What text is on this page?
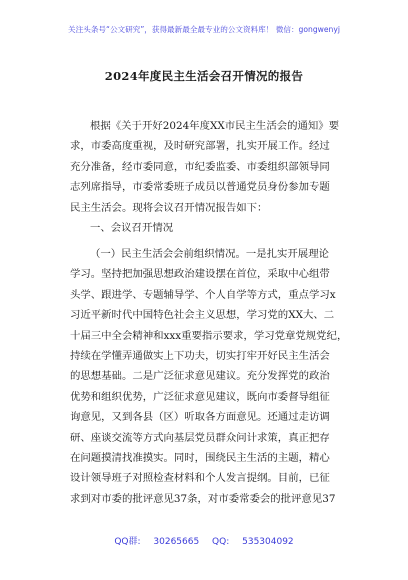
关注头条号“公文研究”，获得最新最全最专业的公文资料库！ 微信：gongwenyj
2024年度民主生活会召开情况的报告
根据《关于开好2024年度XX市民主生活会的通知》要
求，市委高度重视，及时研究部署，扎实开展工作。经过
充分准备，经市委同意，市纪委监委、市委组织部领导同
志列席指导，市委常委班子成员以普通党员身份参加专题
民主生活会。现将会议召开情况报告如下：
一、会议召开情况
（一）民主生活会会前组织情况。一是扎实开展理论
学习。坚持把加强思想政治建设摆在首位，采取中心组带
头学、跟进学、专题辅导学、个人自学等方式，重点学习x
习近平新时代中国特色社会主义思想，学习党的XX大、二
十届三中全会精神和xxx重要指示要求，学习党章党规党纪，
持续在学懂弄通做实上下功夫，切实打牢开好民主生活会
的思想基础。二是广泛征求意见建议。充分发挥党的政治
优势和组织优势，广泛征求意见建议，既向市委督导组征
询意见，又到各县（区）听取各方面意见。还通过走访调
研、座谈交流等方式向基层党员群众问计求策，真正把存
在问题摸清找准摸实。同时，围绕民主生活的主题，精心
设计领导班子对照检查材料和个人发言提纲。目前，已征
求到对市委的批评意见37条，对市委常委会的批评意见37
QQ群: 30265665 QQ: 535304092
